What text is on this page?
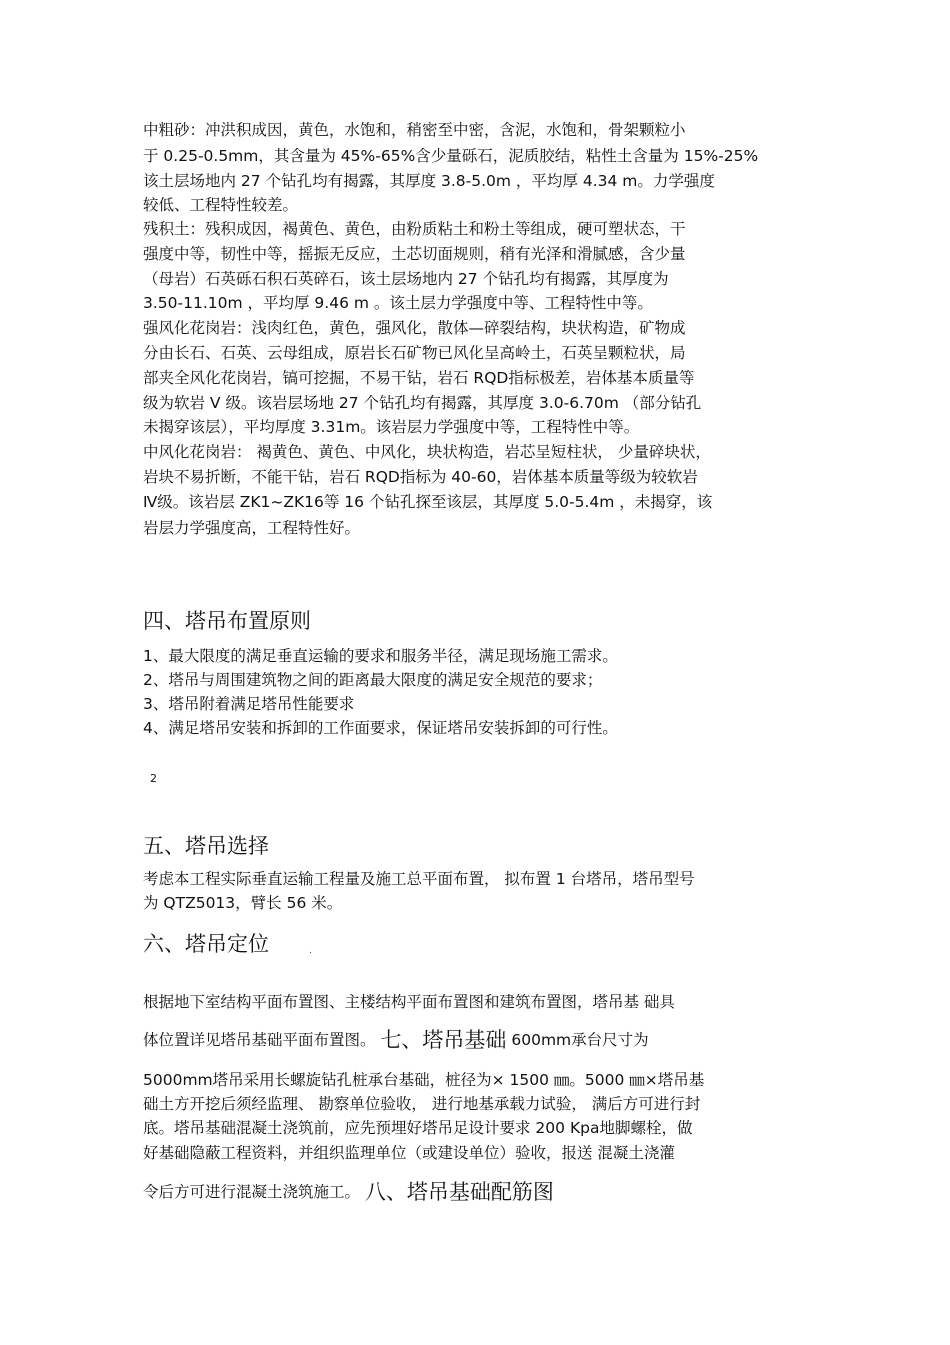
中粗砂：冲洪积成因，黄色，水饱和，稍密至中密，含泥，水饱和，骨架颗粒小
于 0.25-0.5mm，其含量为 45%-65%含少量砾石，泥质胶结，粘性土含量为 15%-25%
该土层场地内 27 个钻孔均有揭露，其厚度 3.8-5.0m ，平均厚 4.34 m。力学强度
较低、工程特性较差。
残积土：残积成因，褐黄色、黄色，由粉质粘土和粉土等组成，硬可塑状态，干
强度中等，韧性中等，摇振无反应，土芯切面规则，稍有光泽和滑腻感，含少量
（母岩）石英砾石积石英碎石，该土层场地内 27 个钻孔均有揭露，其厚度为
3.50-11.10m ，平均厚 9.46 m 。该土层力学强度中等、工程特性中等。
强风化花岗岩：浅肉红色，黄色，强风化，散体—碎裂结构，块状构造，矿物成
分由长石、石英、云母组成，原岩长石矿物已风化呈高岭土，石英呈颗粒状，局
部夹全风化花岗岩，镐可挖掘，不易干钻，岩石 RQD指标极差，岩体基本质量等
级为软岩 V 级。该岩层场地 27 个钻孔均有揭露，其厚度 3.0-6.70m （部分钻孔
未揭穿该层），平均厚度 3.31m。该岩层力学强度中等，工程特性中等。
中风化花岗岩： 褐黄色、黄色、中风化，块状构造，岩芯呈短柱状， 少量碎块状，
岩块不易折断，不能干钻，岩石 RQD指标为 40-60，岩体基本质量等级为较软岩
Ⅳ级。该岩层 ZK1~ZK16等 16 个钻孔探至该层，其厚度 5.0-5.4m ，未揭穿，该
岩层力学强度高，工程特性好。
四、塔吊布置原则
1、最大限度的满足垂直运输的要求和服务半径，满足现场施工需求。
2、塔吊与周围建筑物之间的距离最大限度的满足安全规范的要求；
3、塔吊附着满足塔吊性能要求
4、满足塔吊安装和拆卸的工作面要求，保证塔吊安装拆卸的可行性。
2
五、塔吊选择
考虑本工程实际垂直运输工程量及施工总平面布置， 拟布置 1 台塔吊，塔吊型号
为 QTZ5013，臂长 56 米。
六、塔吊定位	.
根据地下室结构平面布置图、主楼结构平面布置图和建筑布置图，塔吊基 础具
体位置详见塔吊基础平面布置图。 七、塔吊基础 600mm承台尺寸为
5000mm塔吊采用长螺旋钻孔桩承台基础，桩径为× 1500 ㎜。5000 ㎜×塔吊基
础土方开挖后须经监理、 勘察单位验收， 进行地基承载力试验， 满后方可进行封
底。塔吊基础混凝土浇筑前，应先预埋好塔吊足设计要求 200 Kpa地脚螺栓，做
好基础隐蔽工程资料，并组织监理单位（或建设单位）验收，报送 混凝土浇灌
令后方可进行混凝土浇筑施工。 八、塔吊基础配筋图
